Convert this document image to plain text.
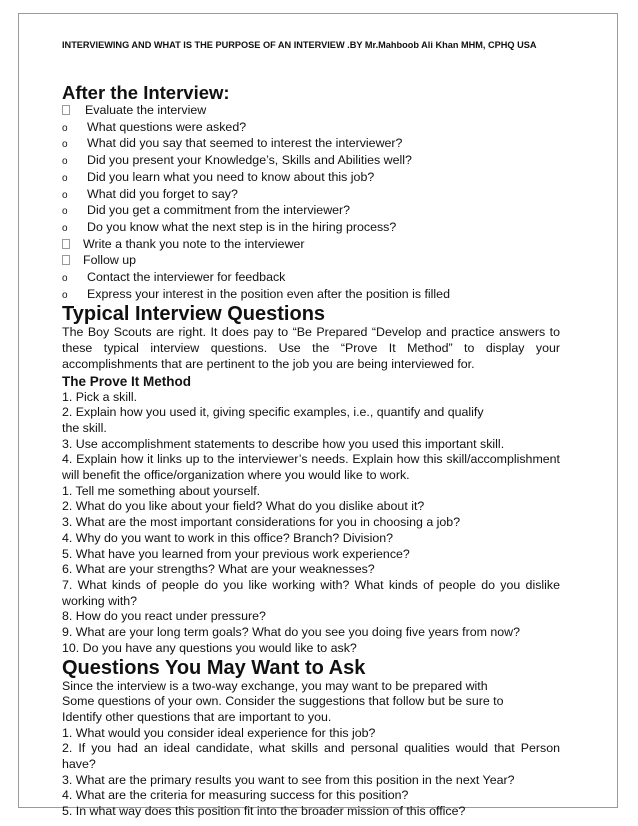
INTERVIEWING AND WHAT IS THE PURPOSE OF AN INTERVIEW .BY Mr.Mahboob Ali Khan MHM, CPHQ USA
After the Interview:
Evaluate the interview
o	What questions were asked?
o	What did you say that seemed to interest the interviewer?
o	Did you present your Knowledge’s, Skills and Abilities well?
o	Did you learn what you need to know about this job?
o	What did you forget to say?
o	Did you get a commitment from the interviewer?
o	Do you know what the next step is in the hiring process?
Write a thank you note to the interviewer
Follow up
o	Contact the interviewer for feedback
o	Express your interest in the position even after the position is filled
Typical Interview Questions
The Boy Scouts are right. It does pay to “Be Prepared “Develop and practice answers to these typical interview questions. Use the “Prove It Method” to display your accomplishments that are pertinent to the job you are being interviewed for.
The Prove It Method
1. Pick a skill.
2. Explain how you used it, giving specific examples, i.e., quantify and qualify
the skill.
3. Use accomplishment statements to describe how you used this important skill.
4. Explain how it links up to the interviewer’s needs. Explain how this skill/accomplishment will benefit the office/organization where you would like to work.
1. Tell me something about yourself.
2. What do you like about your field? What do you dislike about it?
3. What are the most important considerations for you in choosing a job?
4. Why do you want to work in this office? Branch? Division?
5. What have you learned from your previous work experience?
6. What are your strengths? What are your weaknesses?
7. What kinds of people do you like working with? What kinds of people do you dislike working with?
8. How do you react under pressure?
9. What are your long term goals? What do you see you doing five years from now?
10. Do you have any questions you would like to ask?
Questions You May Want to Ask
Since the interview is a two-way exchange, you may want to be prepared with
Some questions of your own. Consider the suggestions that follow but be sure to
Identify other questions that are important to you.
1. What would you consider ideal experience for this job?
2. If you had an ideal candidate, what skills and personal qualities would that Person have?
3. What are the primary results you want to see from this position in the next Year?
4. What are the criteria for measuring success for this position?
5. In what way does this position fit into the broader mission of this office?
